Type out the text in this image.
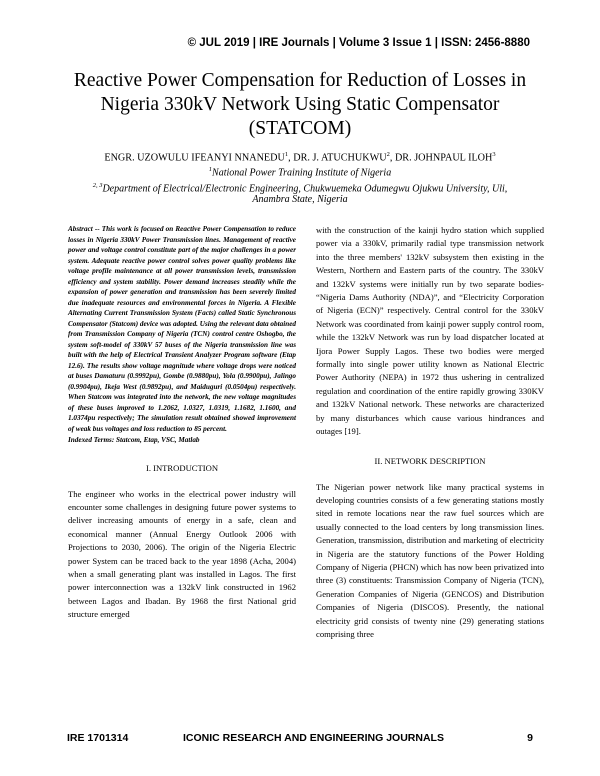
© JUL 2019 | IRE Journals | Volume 3 Issue 1 | ISSN: 2456-8880
Reactive Power Compensation for Reduction of Losses in
Nigeria 330kV Network Using Static Compensator
(STATCOM)
ENGR. UZOWULU IFEANYI NNANEDU$^1$, DR. J. ATUCHUKWU$^2$, DR. JOHNPAUL ILOH$^3$
$^1$National Power Training Institute of Nigeria
$^{2, 3}$Department of Electrical/Electronic Engineering, Chukwuemeka Odumegwu Ojukwu University, Uli,
Anambra State, Nigeria
Abstract -- This work is focused on Reactive Power Compensation to reduce losses in Nigeria 330kV Power Transmission lines. Management of reactive power and voltage control constitute part of the major challenges in a power system. Adequate reactive power control solves power quality problems like voltage profile maintenance at all power transmission levels, transmission efficiency and system stability. Power demand increases steadily while the expansion of power generation and transmission has been severely limited due inadequate resources and environmental forces in Nigeria. A Flexible Alternating Current Transmission System (Facts) called Static Synchronous Compensator (Statcom) device was adopted. Using the relevant data obtained from Transmission Company of Nigeria (TCN) control centre Oshogbo, the system soft-model of 330kV 57 buses of the Nigeria transmission line was built with the help of Electrical Transient Analyzer Program software (Etap 12.6). The results show voltage magnitude where voltage drops were noticed at buses Damaturu (0.9992pu), Gombe (0.9880pu), Yola (0.9900pu), Jalingo (0.9904pu), Ikeja West (0.9892pu), and Maiduguri (0.0504pu) respectively. When Statcom was integrated into the network, the new voltage magnitudes of these buses improved to 1.2062, 1.0327, 1.0319, 1.1682, 1.1600, and 1.0374pu respectively; The simulation result obtained showed improvement of weak bus voltages and loss reduction to 85 percent.
Indexed Terms: Statcom, Etap, VSC, Matlab
I. INTRODUCTION
The engineer who works in the electrical power industry will encounter some challenges in designing future power systems to deliver increasing amounts of energy in a safe, clean and economical manner (Annual Energy Outlook 2006 with Projections to 2030, 2006). The origin of the Nigeria Electric power System can be traced back to the year 1898 (Acha, 2004) when a small generating plant was installed in Lagos. The first power interconnection was a 132kV link constructed in 1962 between Lagos and Ibadan. By 1968 the first National grid structure emerged
with the construction of the kainji hydro station which supplied power via a 330kV, primarily radial type transmission network into the three members' 132kV subsystem then existing in the Western, Northern and Eastern parts of the country. The 330kV and 132kV systems were initially run by two separate bodies- “Nigeria Dams Authority (NDA)”, and “Electricity Corporation of Nigeria (ECN)” respectively. Central control for the 330kV Network was coordinated from kainji power supply control room, while the 132kV Network was run by load dispatcher located at Ijora Power Supply Lagos. These two bodies were merged formally into single power utility known as National Electric Power Authority (NEPA) in 1972 thus ushering in centralized regulation and coordination of the entire rapidly growing 330KV and 132kV National network. These networks are characterized by many disturbances which cause various hindrances and outages [19].
II. NETWORK DESCRIPTION
The Nigerian power network like many practical systems in developing countries consists of a few generating stations mostly sited in remote locations near the raw fuel sources which are usually connected to the load centers by long transmission lines. Generation, transmission, distribution and marketing of electricity in Nigeria are the statutory functions of the Power Holding Company of Nigeria (PHCN) which has now been privatized into three (3) constituents: Transmission Company of Nigeria (TCN), Generation Companies of Nigeria (GENCOS) and Distribution Companies of Nigeria (DISCOS). Presently, the national electricity grid consists of twenty nine (29) generating stations comprising three
IRE 1701314	ICONIC RESEARCH AND ENGINEERING JOURNALS	9
